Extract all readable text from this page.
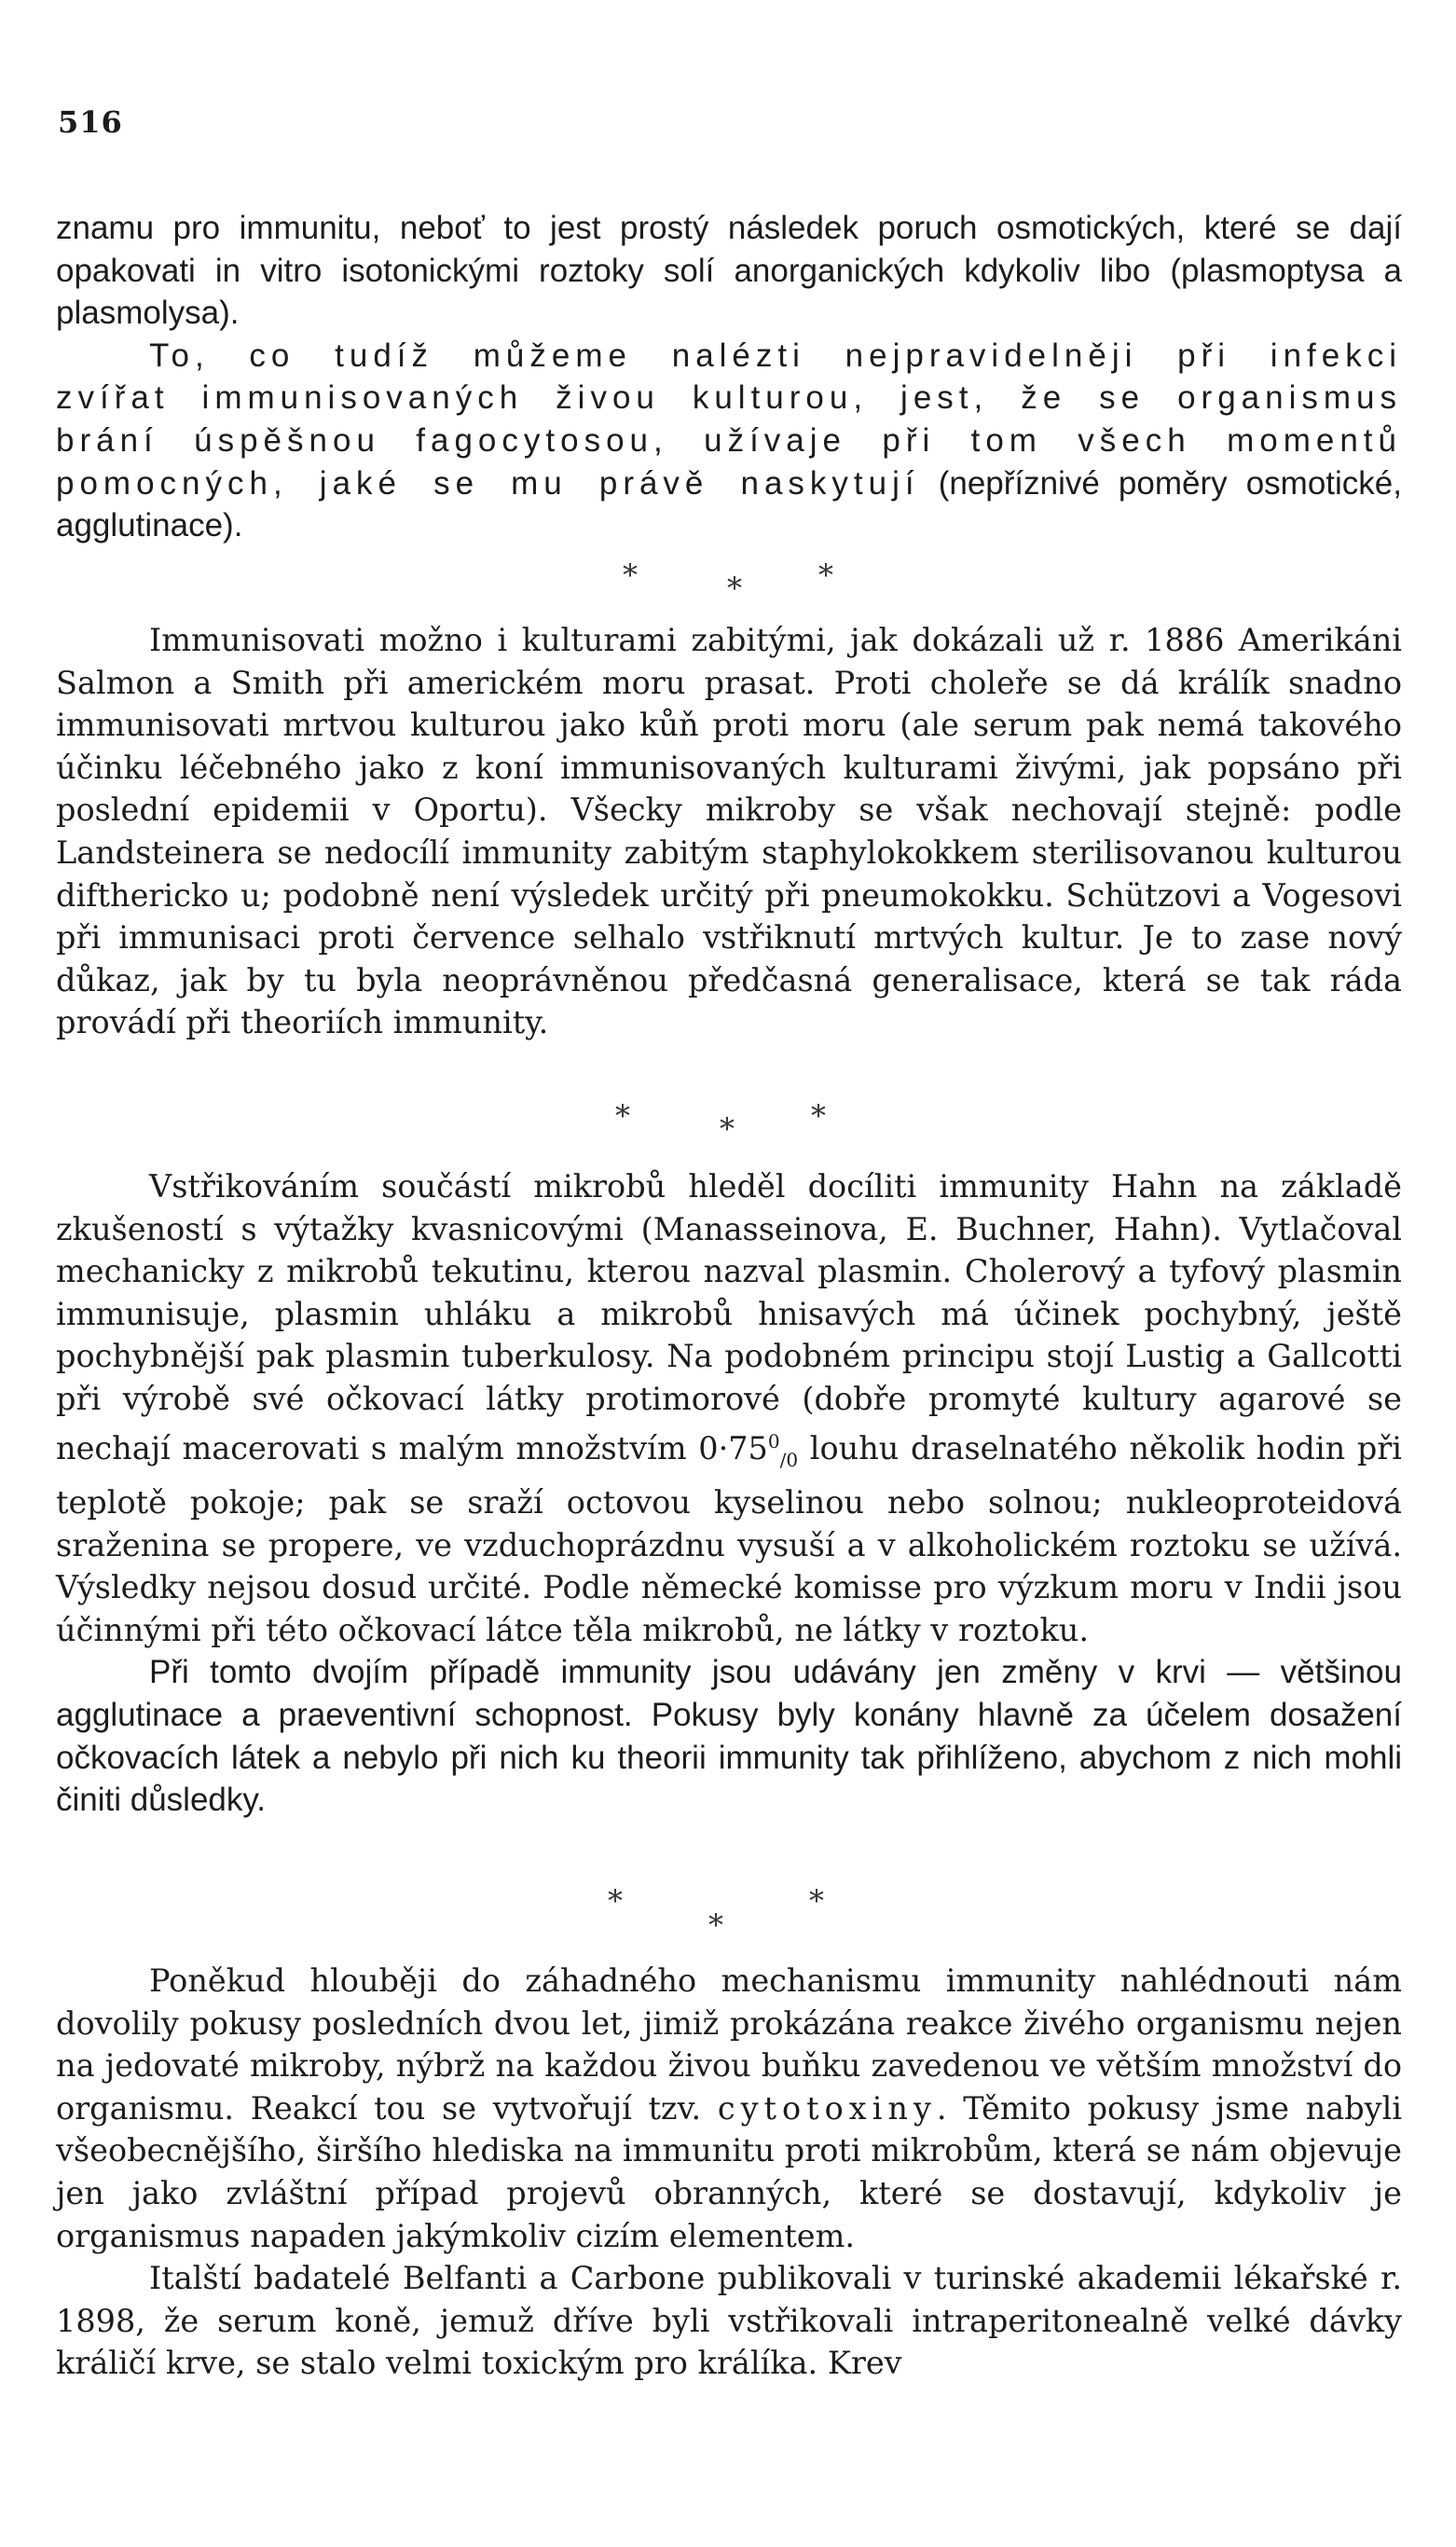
516

znamu pro immunitu, neboť to jest prostý následek poruch osmotických, které se dají opakovati in vitro isotonickými roztoky solí anorganických kdykoliv libo (plasmoptysa a plasmolysa).

To, co tudíž můžeme nalézti nejpravidelněji při infekci zvířat immunisovaných živou kulturou, jest, že se organismus brání úspěšnou fagocytosou, užívaje při tom všech momentů pomocných, jaké se mu právě naskytují (nepříznivé poměry osmotické, agglutinace).

*	*	*

Immunisovati možno i kulturami zabitými, jak dokázali už r. 1886 Amerikáni Salmon a Smith při americkém moru prasat. Proti choleře se dá králík snadno immunisovati mrtvou kulturou jako kůň proti moru (ale serum pak nemá takového účinku léčebného jako z koní immunisovaných kulturami živými, jak popsáno při poslední epidemii v Oportu). Všecky mikroby se však nechovají stejně: podle Landsteinera se nedocílí immunity zabitým staphylokokkem sterilisovanou kulturou difthericko u; podobně není výsledek určitý při pneumokokku. Schützovi a Vogesovi při immunisaci proti července selhalo vstřiknutí mrtvých kultur. Je to zase nový důkaz, jak by tu byla neoprávněnou předčasná generalisace, která se tak ráda provádí při theoriích immunity.

*	*	*

Vstřikováním součástí mikrobů hleděl docíliti immunity Hahn na základě zkušeností s výtažky kvasnicovými (Manasseinova, E. Buchner, Hahn). Vytlačoval mechanicky z mikrobů tekutinu, kterou nazval plasmin. Cholerový a tyfový plasmin immunisuje, plasmin uhláku a mikrobů hnisavých má účinek pochybný, ještě pochybnější pak plasmin tuberkulosy. Na podobném principu stojí Lustig a Gallcotti při výrobě své očkovací látky protimorové (dobře promyté kultury agarové se nechají macerovati s malým množstvím $0\cdot 75^0_{/0}$ louhu draselnatého několik hodin při teplotě pokoje; pak se sraží octovou kyselinou nebo solnou; nukleoproteidová sraženina se propere, ve vzduchoprázdnu vysuší a v alkoholickém roztoku se užívá. Výsledky nejsou dosud určité. Podle německé komisse pro výzkum moru v Indii jsou účinnými při této očkovací látce těla mikrobů, ne látky v roztoku.

Při tomto dvojím případě immunity jsou udávány jen změny v krvi — většinou agglutinace a praeventivní schopnost. Pokusy byly konány hlavně za účelem dosažení očkovacích látek a nebylo při nich ku theorii immunity tak přihlíženo, abychom z nich mohli činiti důsledky.

*	*
*

Poněkud hlouběji do záhadného mechanismu immunity nahlédnouti nám dovolily pokusy posledních dvou let, jimiž prokázána reakce živého organismu nejen na jedovaté mikroby, nýbrž na každou živou buňku zavedenou ve větším množství do organismu. Reakcí tou se vytvořují tzv. cytotoxiny. Těmito pokusy jsme nabyli všeobecnějšího, širšího hlediska na immunitu proti mikrobům, která se nám objevuje jen jako zvláštní případ projevů obranných, které se dostavují, kdykoliv je organismus napaden jakýmkoliv cizím elementem.

Italští badatelé Belfanti a Carbone publikovali v turinské akademii lékařské r. 1898, že serum koně, jemuž dříve byli vstřikovali intraperitonealně velké dávky králičí krve, se stalo velmi toxickým pro králíka. Krev
